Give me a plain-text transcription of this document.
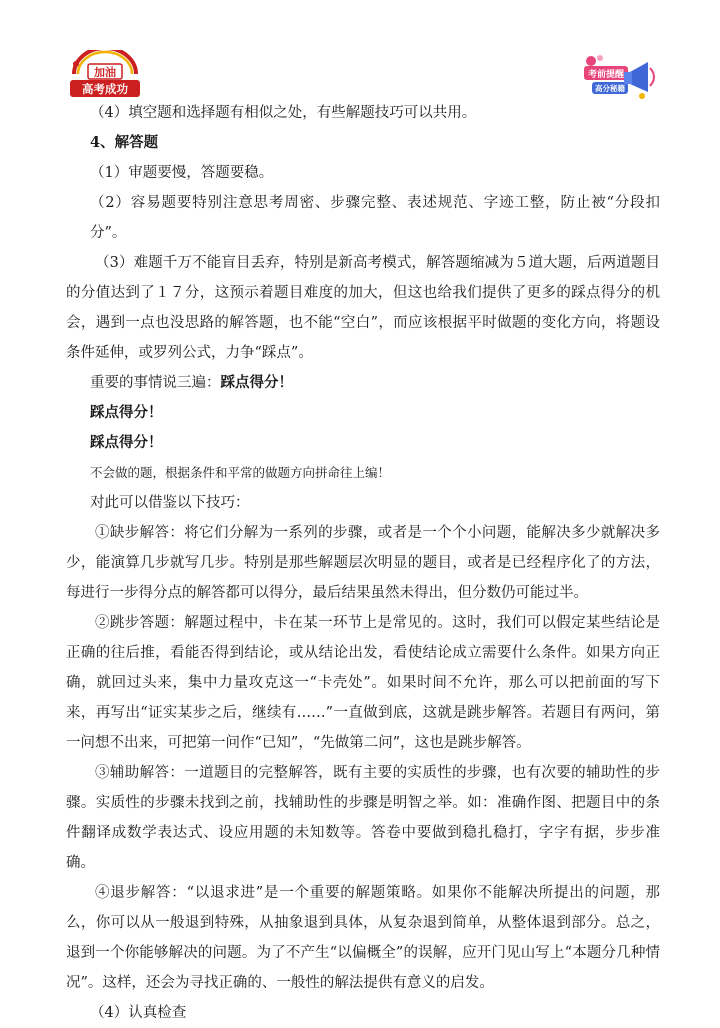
加油
高考成功
考前提醒
高分秘籍

（4）填空题和选择题有相似之处，有些解题技巧可以共用。

4、解答题

（1）审题要慢，答题要稳。

（2）容易题要特别注意思考周密、步骤完整、表述规范、字迹工整，防止被“分段扣分”。

（3）难题千万不能盲目丢弃，特别是新高考模式，解答题缩减为５道大题，后两道题目的分值达到了１７分，这预示着题目难度的加大，但这也给我们提供了更多的踩点得分的机会，遇到一点也没思路的解答题，也不能“空白”，而应该根据平时做题的变化方向，将题设条件延伸，或罗列公式，力争“踩点”。

重要的事情说三遍：踩点得分！

踩点得分！

踩点得分！

不会做的题，根据条件和平常的做题方向拼命往上编！

对此可以借鉴以下技巧：

①缺步解答：将它们分解为一系列的步骤，或者是一个个小问题，能解决多少就解决多少，能演算几步就写几步。特别是那些解题层次明显的题目，或者是已经程序化了的方法，每进行一步得分点的解答都可以得分，最后结果虽然未得出，但分数仍可能过半。

②跳步答题：解题过程中，卡在某一环节上是常见的。这时，我们可以假定某些结论是正确的往后推，看能否得到结论，或从结论出发，看使结论成立需要什么条件。如果方向正确，就回过头来，集中力量攻克这一“卡壳处”。如果时间不允许，那么可以把前面的写下来，再写出“证实某步之后，继续有……”一直做到底，这就是跳步解答。若题目有两问，第一问想不出来，可把第一问作“已知”，“先做第二问”，这也是跳步解答。

③辅助解答：一道题目的完整解答，既有主要的实质性的步骤，也有次要的辅助性的步骤。实质性的步骤未找到之前，找辅助性的步骤是明智之举。如：准确作图、把题目中的条件翻译成数学表达式、设应用题的未知数等。答卷中要做到稳扎稳打，字字有据，步步准确。

④退步解答：“以退求进”是一个重要的解题策略。如果你不能解决所提出的问题，那么，你可以从一般退到特殊，从抽象退到具体，从复杂退到简单，从整体退到部分。总之，退到一个你能够解决的问题。为了不产生“以偏概全”的误解，应开门见山写上“本题分几种情况”。这样，还会为寻找正确的、一般性的解法提供有意义的启发。

（4）认真检查
